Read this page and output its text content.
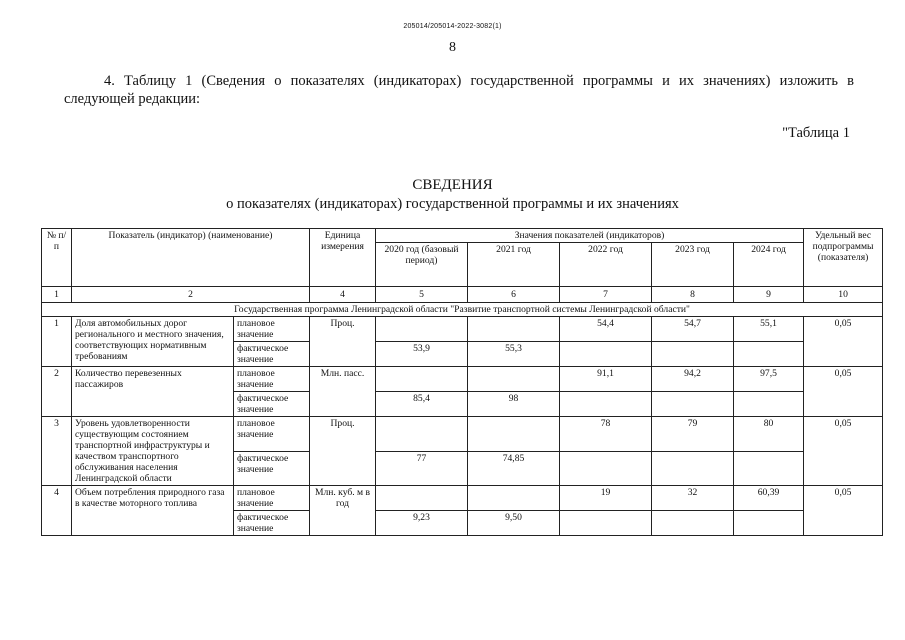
205014/205014-2022-3082(1)
8
4. Таблицу 1 (Сведения о показателях (индикаторах) государственной программы и их значениях) изложить в следующей редакции:
"Таблица 1
СВЕДЕНИЯ
о показателях (индикаторах) государственной программы и их значениях
№ п/п	Показатель (индикатор) (наименование)		Единица измерения	Значения показателей (индикаторов)					Удельный вес подпрограммы (показателя)
				2020 год (базовый период)	2021 год	2022 год	2023 год	2024 год	
1	2		4	5	6	7	8	9	10
Государственная программа Ленинградской области "Развитие транспортной системы Ленинградской области"									
1	Доля автомобильных дорог регионального и местного значения, соответствующих нормативным требованиям	плановое значение	Проц.			54,4	54,7	55,1	0,05
		фактическое значение		53,9	55,3				
2	Количество перевезенных пассажиров	плановое значение	Млн. пасс.			91,1	94,2	97,5	0,05
		фактическое значение		85,4	98				
3	Уровень удовлетворенности существующим состоянием транспортной инфраструктуры и качеством транспортного обслуживания населения Ленинградской области	плановое значение	Проц.			78	79	80	0,05
		фактическое значение		77	74,85				
4	Объем потребления природного газа в качестве моторного топлива	плановое значение	Млн. куб. м в год			19	32	60,39	0,05
		фактическое значение		9,23	9,50				
